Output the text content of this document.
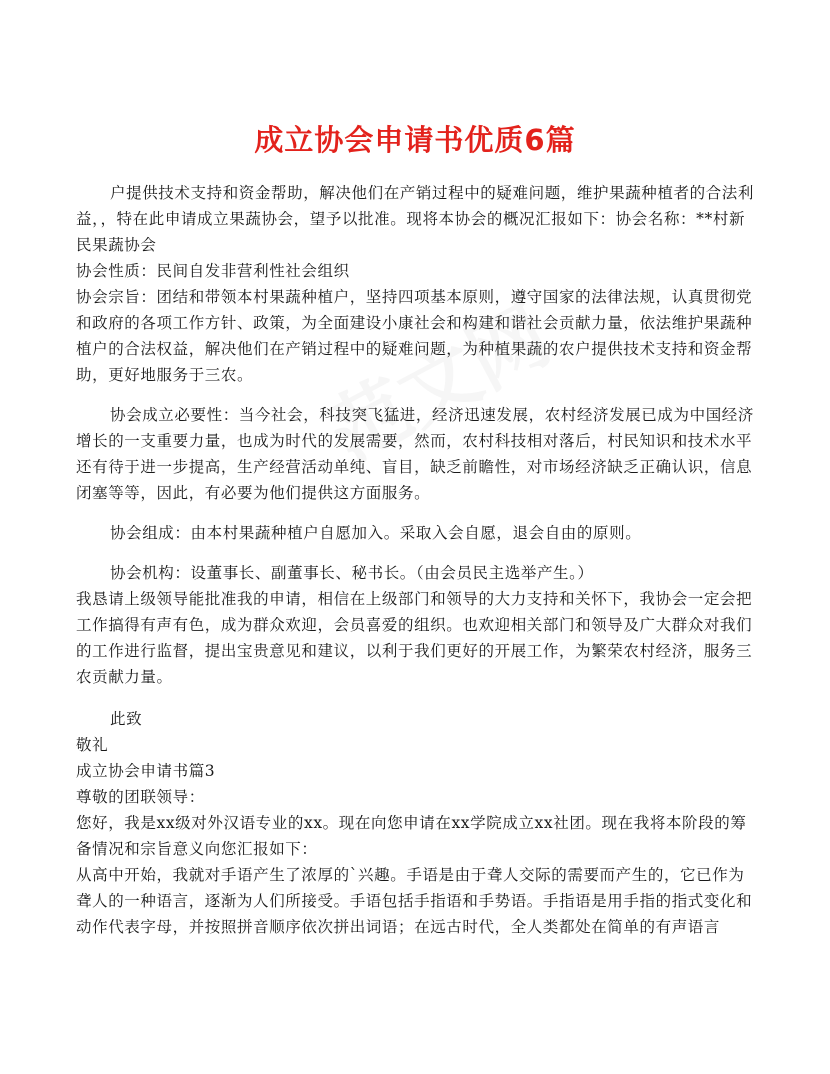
成立协会申请书优质6篇

户提供技术支持和资金帮助，解决他们在产销过程中的疑难问题，维护果蔬种植者的合法利益，，特在此申请成立果蔬协会，望予以批准。现将本协会的概况汇报如下：协会名称：**村新民果蔬协会

协会性质：民间自发非营利性社会组织

协会宗旨：团结和带领本村果蔬种植户，坚持四项基本原则，遵守国家的法律法规，认真贯彻党和政府的各项工作方针、政策，为全面建设小康社会和构建和谐社会贡献力量，依法维护果蔬种植户的合法权益，解决他们在产销过程中的疑难问题，为种植果蔬的农户提供技术支持和资金帮助，更好地服务于三农。

协会成立必要性：当今社会，科技突飞猛进，经济迅速发展，农村经济发展已成为中国经济增长的一支重要力量，也成为时代的发展需要，然而，农村科技相对落后，村民知识和技术水平还有待于进一步提高，生产经营活动单纯、盲目，缺乏前瞻性，对市场经济缺乏正确认识，信息闭塞等等，因此，有必要为他们提供这方面服务。

协会组成：由本村果蔬种植户自愿加入。采取入会自愿，退会自由的原则。

协会机构：设董事长、副董事长、秘书长。（由会员民主选举产生。）

我恳请上级领导能批准我的申请，相信在上级部门和领导的大力支持和关怀下，我协会一定会把工作搞得有声有色，成为群众欢迎，会员喜爱的组织。也欢迎相关部门和领导及广大群众对我们的工作进行监督，提出宝贵意见和建议，以利于我们更好的开展工作，为繁荣农村经济，服务三农贡献力量。

此致

敬礼

成立协会申请书篇3

尊敬的团联领导：

您好，我是xx级对外汉语专业的xx。现在向您申请在xx学院成立xx社团。现在我将本阶段的筹备情况和宗旨意义向您汇报如下：

从高中开始，我就对手语产生了浓厚的`兴趣。手语是由于聋人交际的需要而产生的，它已作为聋人的一种语言，逐渐为人们所接受。手语包括手指语和手势语。手指语是用手指的指式变化和动作代表字母，并按照拼音顺序依次拼出词语；在远古时代，全人类都处在简单的有声语言
